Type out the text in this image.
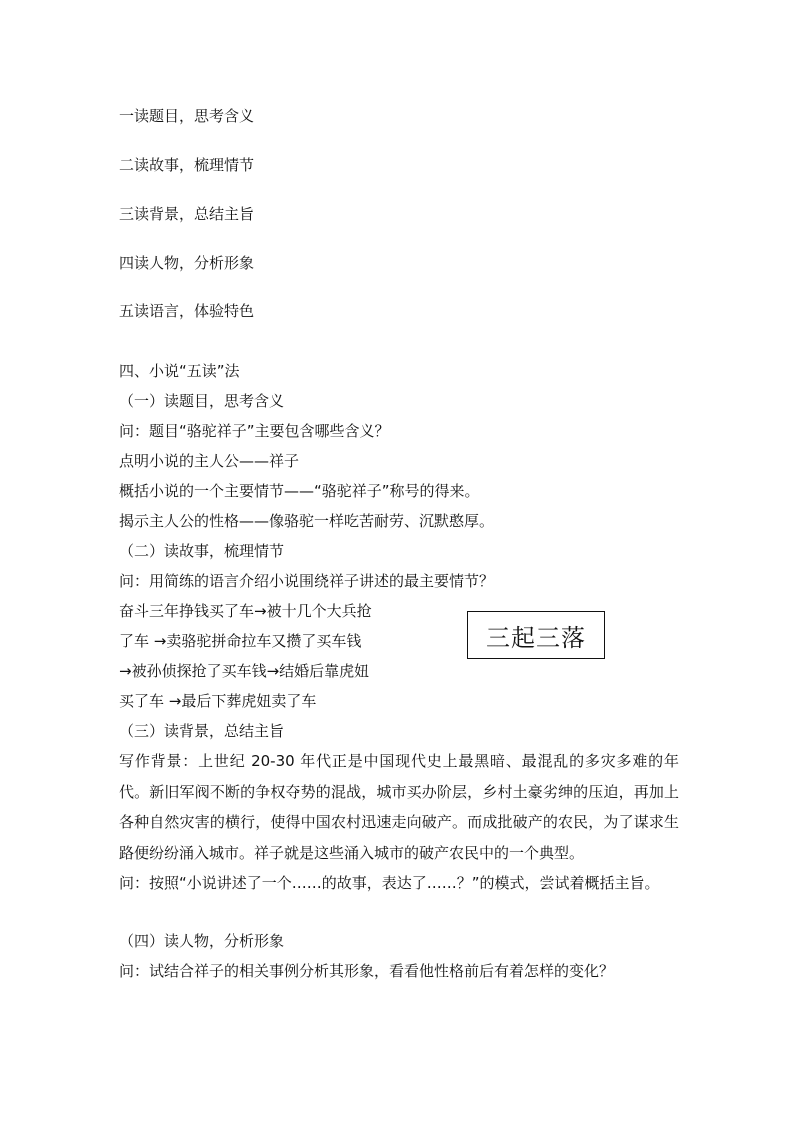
一读题目，思考含义
二读故事，梳理情节
三读背景，总结主旨
四读人物，分析形象
五读语言，体验特色
四、小说“五读”法
（一）读题目，思考含义
问：题目“骆驼祥子”主要包含哪些含义？
点明小说的主人公——祥子
概括小说的一个主要情节——“骆驼祥子”称号的得来。
揭示主人公的性格——像骆驼一样吃苦耐劳、沉默憨厚。
（二）读故事，梳理情节
问：用简练的语言介绍小说围绕祥子讲述的最主要情节？
奋斗三年挣钱买了车→被十几个大兵抢
了车 →卖骆驼拼命拉车又攒了买车钱
→被孙侦探抢了买车钱→结婚后靠虎妞
买了车 →最后下葬虎妞卖了车
三起三落
（三）读背景，总结主旨
写作背景：上世纪 20-30 年代正是中国现代史上最黑暗、最混乱的多灾多难的年代。新旧军阀不断的争权夺势的混战，城市买办阶层，乡村土豪劣绅的压迫，再加上各种自然灾害的横行，使得中国农村迅速走向破产。而成批破产的农民，为了谋求生路便纷纷涌入城市。祥子就是这些涌入城市的破产农民中的一个典型。
问：按照“小说讲述了一个……的故事，表达了……？”的模式，尝试着概括主旨。
（四）读人物，分析形象
问：试结合祥子的相关事例分析其形象，看看他性格前后有着怎样的变化？
